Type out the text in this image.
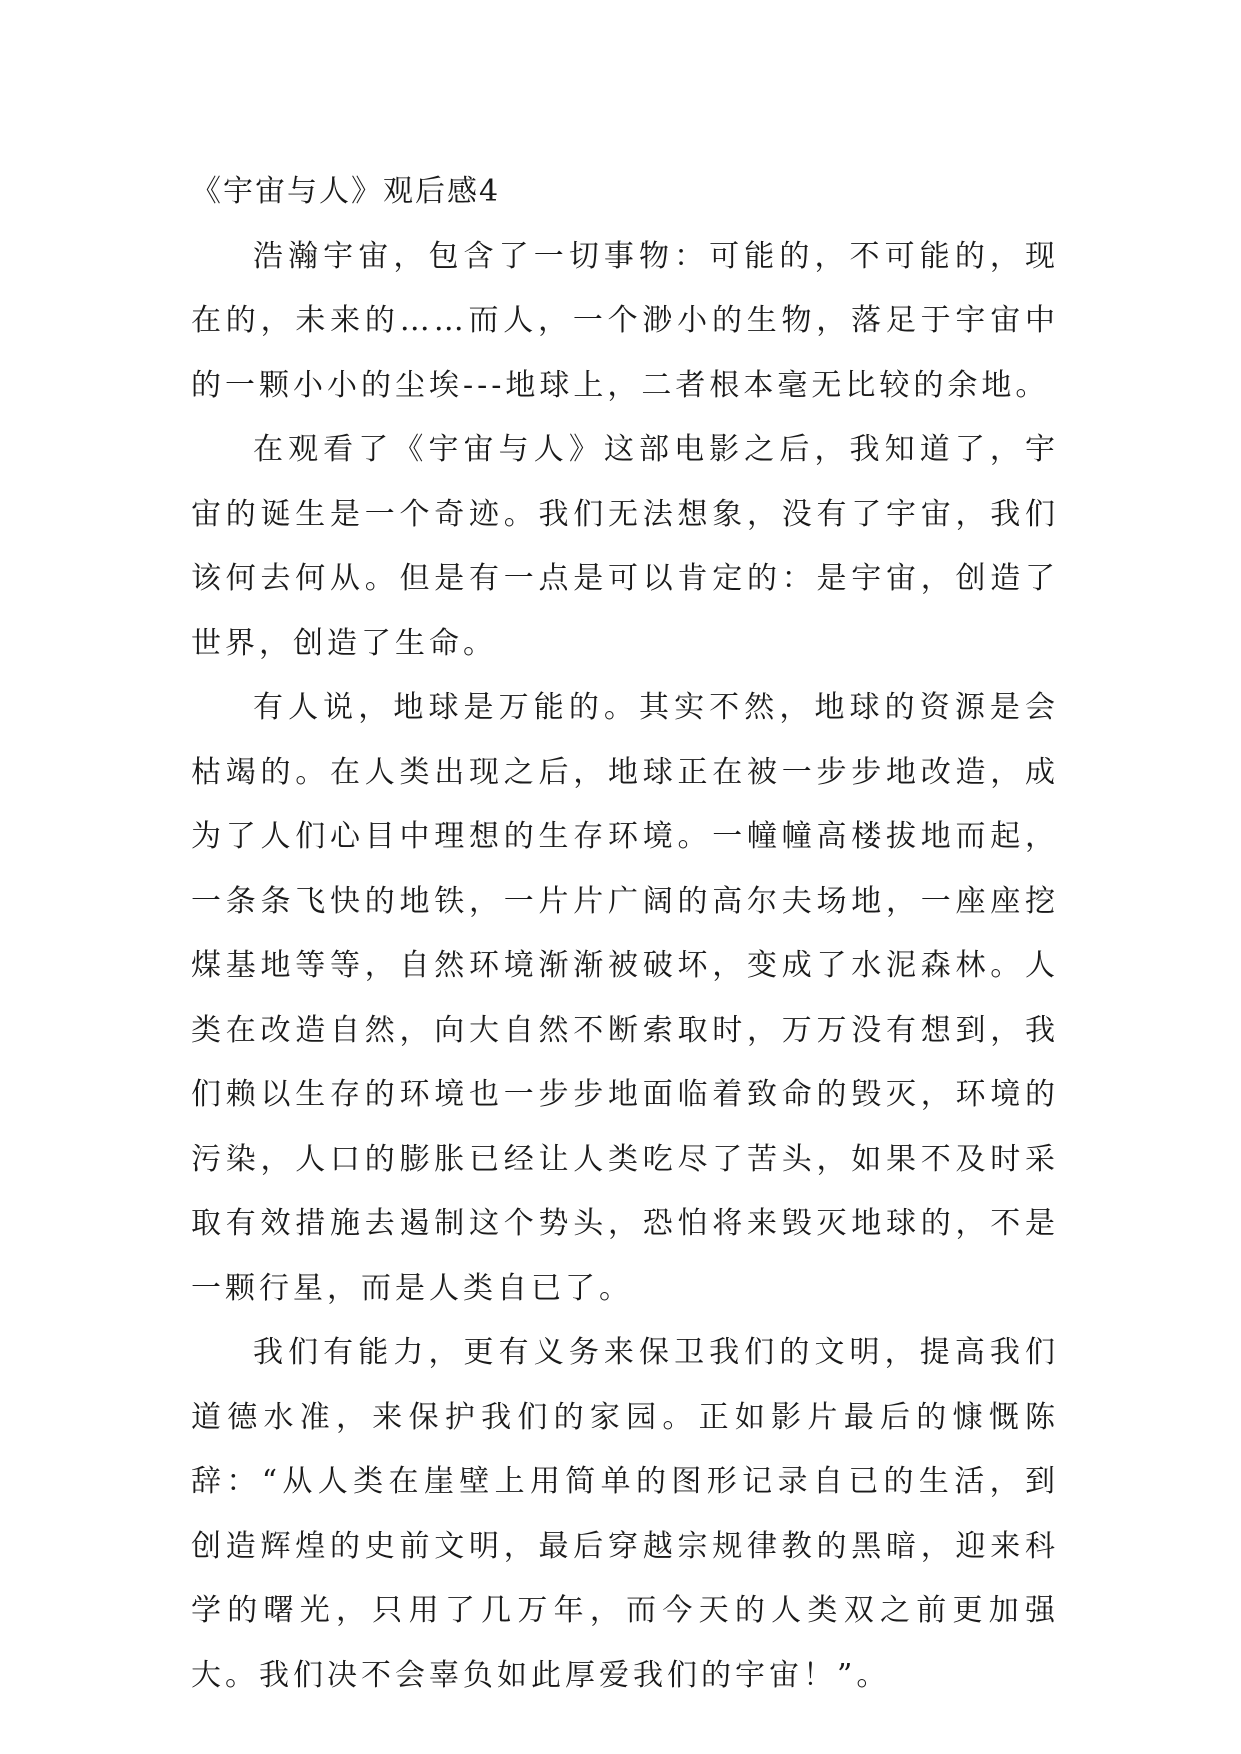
《宇宙与人》观后感4

浩瀚宇宙，包含了一切事物：可能的，不可能的，现在的，未来的……而人，一个渺小的生物，落足于宇宙中的一颗小小的尘埃---地球上，二者根本毫无比较的余地。

在观看了《宇宙与人》这部电影之后，我知道了，宇宙的诞生是一个奇迹。我们无法想象，没有了宇宙，我们该何去何从。但是有一点是可以肯定的：是宇宙，创造了世界，创造了生命。

有人说，地球是万能的。其实不然，地球的资源是会枯竭的。在人类出现之后，地球正在被一步步地改造，成为了人们心目中理想的生存环境。一幢幢高楼拔地而起，一条条飞快的地铁，一片片广阔的高尔夫场地，一座座挖煤基地等等，自然环境渐渐被破坏，变成了水泥森林。人类在改造自然，向大自然不断索取时，万万没有想到，我们赖以生存的环境也一步步地面临着致命的毁灭，环境的污染，人口的膨胀已经让人类吃尽了苦头，如果不及时采取有效措施去遏制这个势头，恐怕将来毁灭地球的，不是一颗行星，而是人类自已了。

我们有能力，更有义务来保卫我们的文明，提高我们道德水准，来保护我们的家园。正如影片最后的慷慨陈辞：“从人类在崖壁上用简单的图形记录自已的生活，到创造辉煌的史前文明，最后穿越宗规律教的黑暗，迎来科学的曙光，只用了几万年，而今天的人类双之前更加强大。我们决不会辜负如此厚爱我们的宇宙！”。
